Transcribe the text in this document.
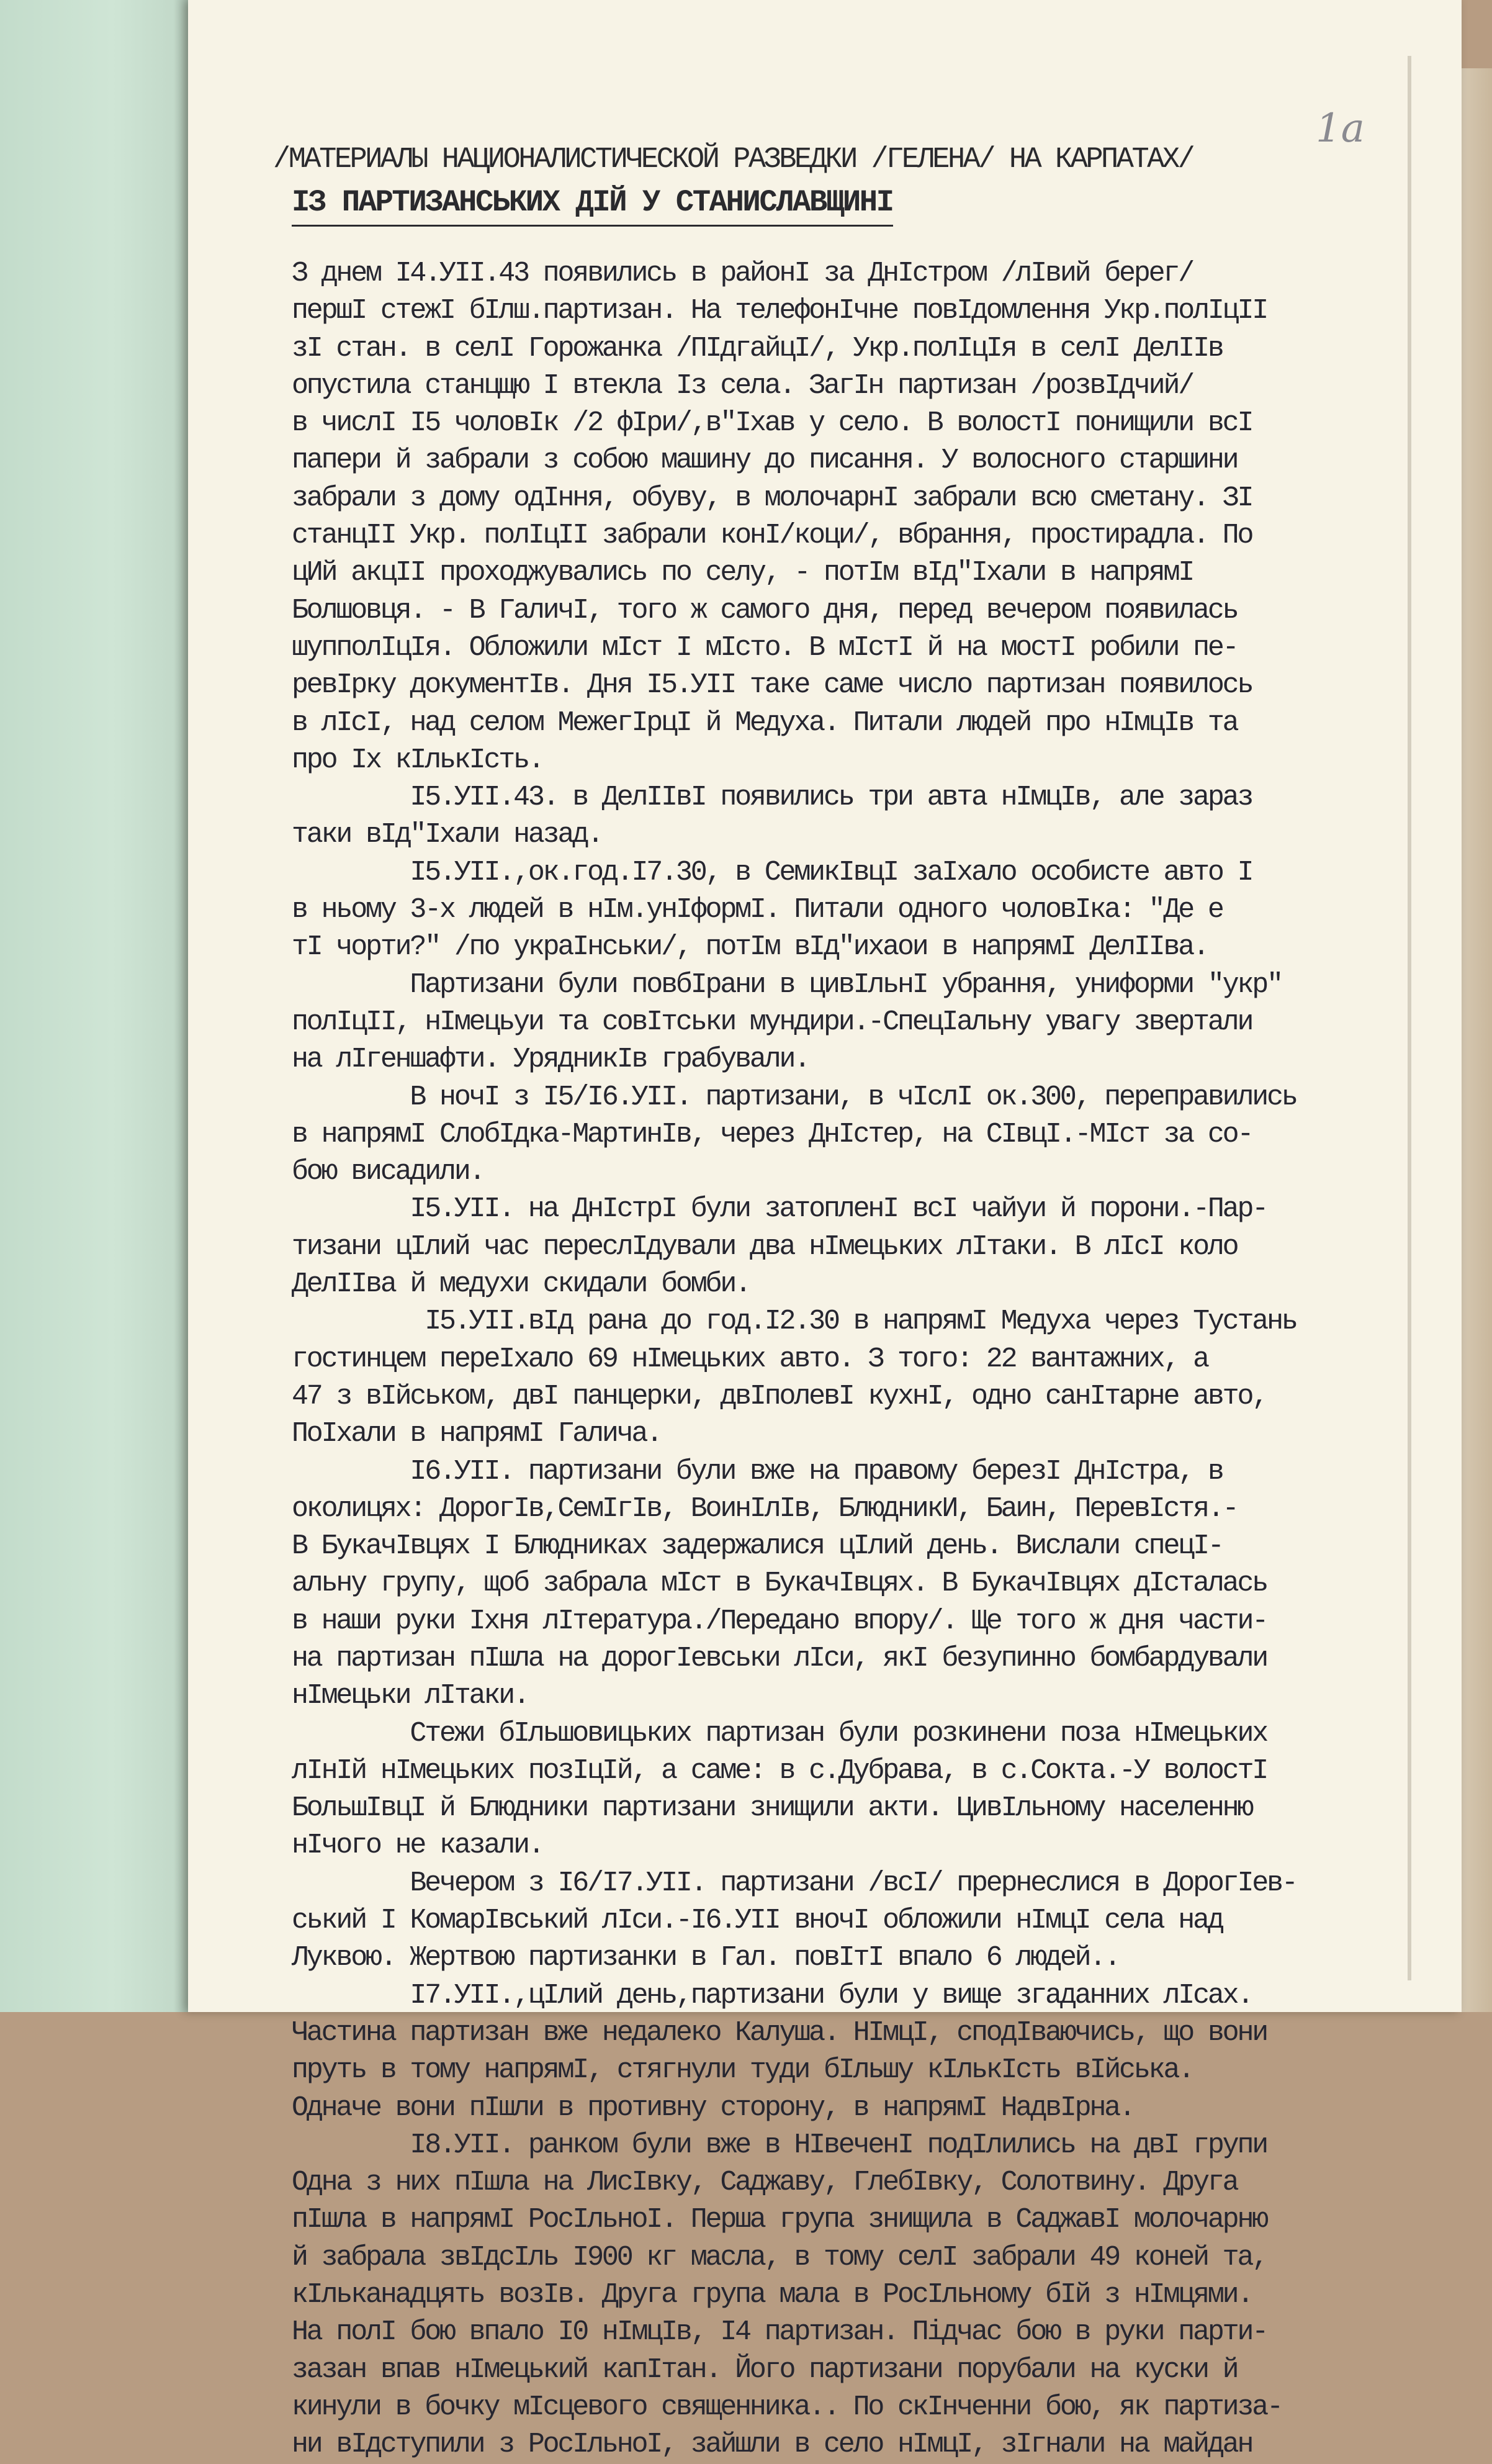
1а
/МАТЕРИАЛЫ НАЦИОНАЛИСТИЧЕСКОЙ РАЗВЕДКИ /ГЕЛЕНА/ НА КАРПАТАХ/
ІЗ ПАРТИЗАНСЬКИХ ДІЙ У СТАНИСЛАВЩИНІ
З днем І4.УІІ.43 появились в районІ за ДнІстром /лІвий берег/
першІ стежІ бІлш.партизан. На телефонІчне повІдомлення Укр.полІцІІ
зІ стан. в селІ Горожанка /ПІдгайцІ/, Укр.полІцІя в селІ ДелІІв
опустила станцщю І втекла Із села. ЗагІн партизан /розвІдчий/
в числІ І5 чоловІк /2 фІри/,в"Іхав у село. В волостІ понищили всІ
папери й забрали з собою машину до писання. У волосного старшини
забрали з дому одІння, обуву, в молочарнІ забрали всю сметану. ЗІ
станцІІ Укр. полІцІІ забрали конІ/коци/, вбрання, простирадла. По
цИй акцІІ проходжувались по селу, - потІм вІд"Іхали в напрямІ
Болшовця. - В ГаличІ, того ж самого дня, перед вечером появилась
шупполІцІя. Обложили мІст І мІсто. В мІстІ й на мостІ робили пе-
ревІрку документІв. Дня І5.УІІ таке саме число партизан появилось
в лІсІ, над селом МежегІрцІ й Медуха. Питали людей про нІмцІв та
про Іх кІлькІсть.
І5.УІІ.43. в ДелІІвІ появились три авта нІмцІв, але зараз
таки вІд"Іхали назад.
І5.УІІ.,ок.год.І7.30, в СемикІвцІ заІхало особисте авто І
в ньому 3-х людей в нІм.унІформІ. Питали одного чоловІка: "Де е
тІ чорти?" /по украІнськи/, потІм вІд"ихаои в напрямІ ДелІІва.
Партизани були повбІрани в цивІльнІ убрання, униформи "укр"
полІцІІ, нІмецьуи та совІтськи мундири.-СпецІальну увагу звертали
на лІгеншафти. УрядникІв грабували.
В ночІ з І5/І6.УІІ. партизани, в чІслІ ок.300, переправились
в напрямІ СлобІдка-МартинІв, через ДнІстер, на СІвцІ.-МІст за со-
бою висадили.
І5.УІІ. на ДнІстрІ були затопленІ всІ чайуи й порони.-Пар-
тизани цІлий час переслІдували два нІмецьких лІтаки. В лІсІ коло
ДелІІва й медухи скидали бомби.
І5.УІІ.вІд рана до год.І2.30 в напрямІ Медуха через Тустань
гостинцем переІхало 69 нІмецьких авто. З того: 22 вантажних, а
47 з вІйськом, двІ панцерки, двІполевІ кухнІ, одно санІтарне авто,
ПоІхали в напрямІ Галича.
І6.УІІ. партизани були вже на правому березІ ДнІстра, в
околицях: ДорогІв,СемІгІв, ВоинІлІв, БлюдникИ, Баин, ПеревІстя.-
В БукачІвцях І Блюдниках задержалися цІлий день. Вислали спецІ-
альну групу, щоб забрала мІст в БукачІвцях. В БукачІвцях дІсталась
в наши руки Іхня лІтература./Передано впору/. Ще того ж дня части-
на партизан пІшла на дорогІевськи лІси, якІ безупинно бомбардували
нІмецьки лІтаки.
Стежи бІльшовицьких партизан були розкинени поза нІмецьких
лІнІй нІмецьких позІцІй, а саме: в с.Дубрава, в с.Сокта.-У волостІ
БольшІвцІ й Блюдники партизани знищили акти. ЦивІльному населенню
нІчого не казали.
Вечером з І6/І7.УІІ. партизани /всІ/ прернеслися в ДорогІев-
ський І КомарІвський лІси.-І6.УІІ вночІ обложили нІмцІ села над
Луквою. Жертвою партизанки в Гал. повІтІ впало 6 людей..
І7.УІІ.,цІлий день,партизани були у вище згаданних лІсах.
Частина партизан вже недалеко Калуша. НІмцІ, сподІваючись, що вони
пруть в тому напрямІ, стягнули туди бІльшу кІлькІсть вІйська.
Одначе вони пІшли в противну сторону, в напрямІ НадвІрна.
І8.УІІ. ранком були вже в НІвеченІ подІлились на двІ групи
Одна з них пІшла на ЛисІвку, Саджаву, ГлебІвку, Солотвину. Друга
пІшла в напрямІ РосІльноІ. Перша група знищила в СаджавІ молочарню
й забрала звІдсІль І900 кг масла, в тому селІ забрали 49 коней та,
кІльканадцять возІв. Друга група мала в РосІльному бІй з нІмцями.
На полІ бою впало І0 нІмцІв, І4 партизан. Підчас бою в руки парти-
зазан впав нІмецький капІтан. Його партизани порубали на куски й
кинули в бочку мІсцевого священника.. По скІнченни бою, як партиза-
ни вІдступили з РосІльноІ, зайшли в село нІмцІ, зІгнали на майдан
